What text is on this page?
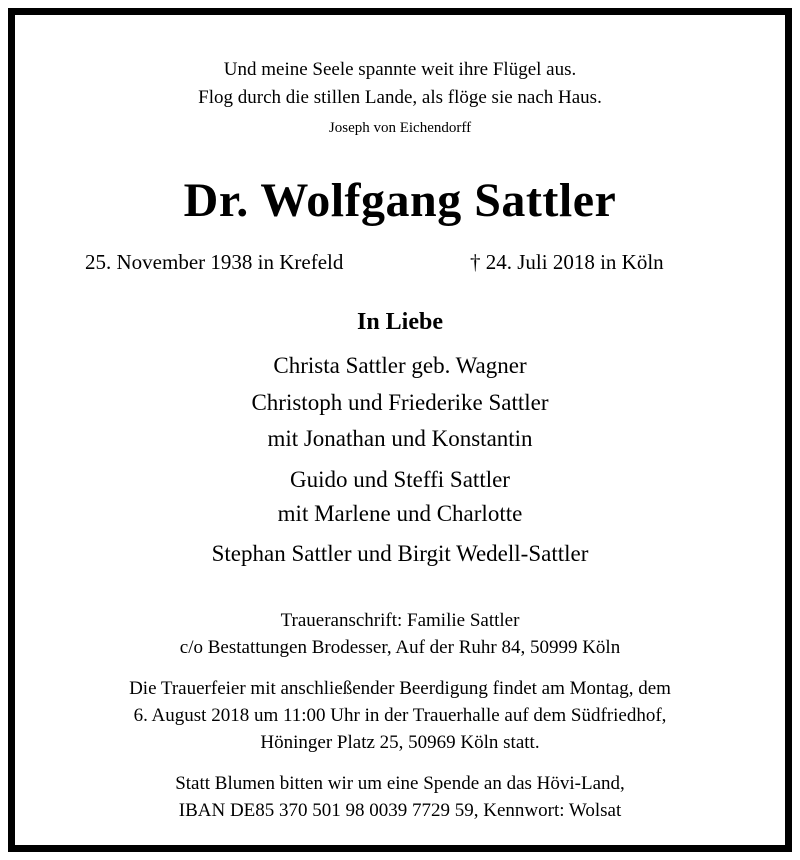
Und meine Seele spannte weit ihre Flügel aus.
Flog durch die stillen Lande, als flöge sie nach Haus.
Joseph von Eichendorff
Dr. Wolfgang Sattler
25. November 1938 in Krefeld	† 24. Juli 2018 in Köln
In Liebe
Christa Sattler geb. Wagner
Christoph und Friederike Sattler
mit Jonathan und Konstantin
Guido und Steffi Sattler
mit Marlene und Charlotte
Stephan Sattler und Birgit Wedell-Sattler
Traueranschrift: Familie Sattler
c/o Bestattungen Brodesser, Auf der Ruhr 84, 50999 Köln
Die Trauerfeier mit anschließender Beerdigung findet am Montag, dem
6. August 2018 um 11:00 Uhr in der Trauerhalle auf dem Südfriedhof,
Höninger Platz 25, 50969 Köln statt.
Statt Blumen bitten wir um eine Spende an das Hövi-Land,
IBAN DE85 370 501 98 0039 7729 59, Kennwort: Wolsat
